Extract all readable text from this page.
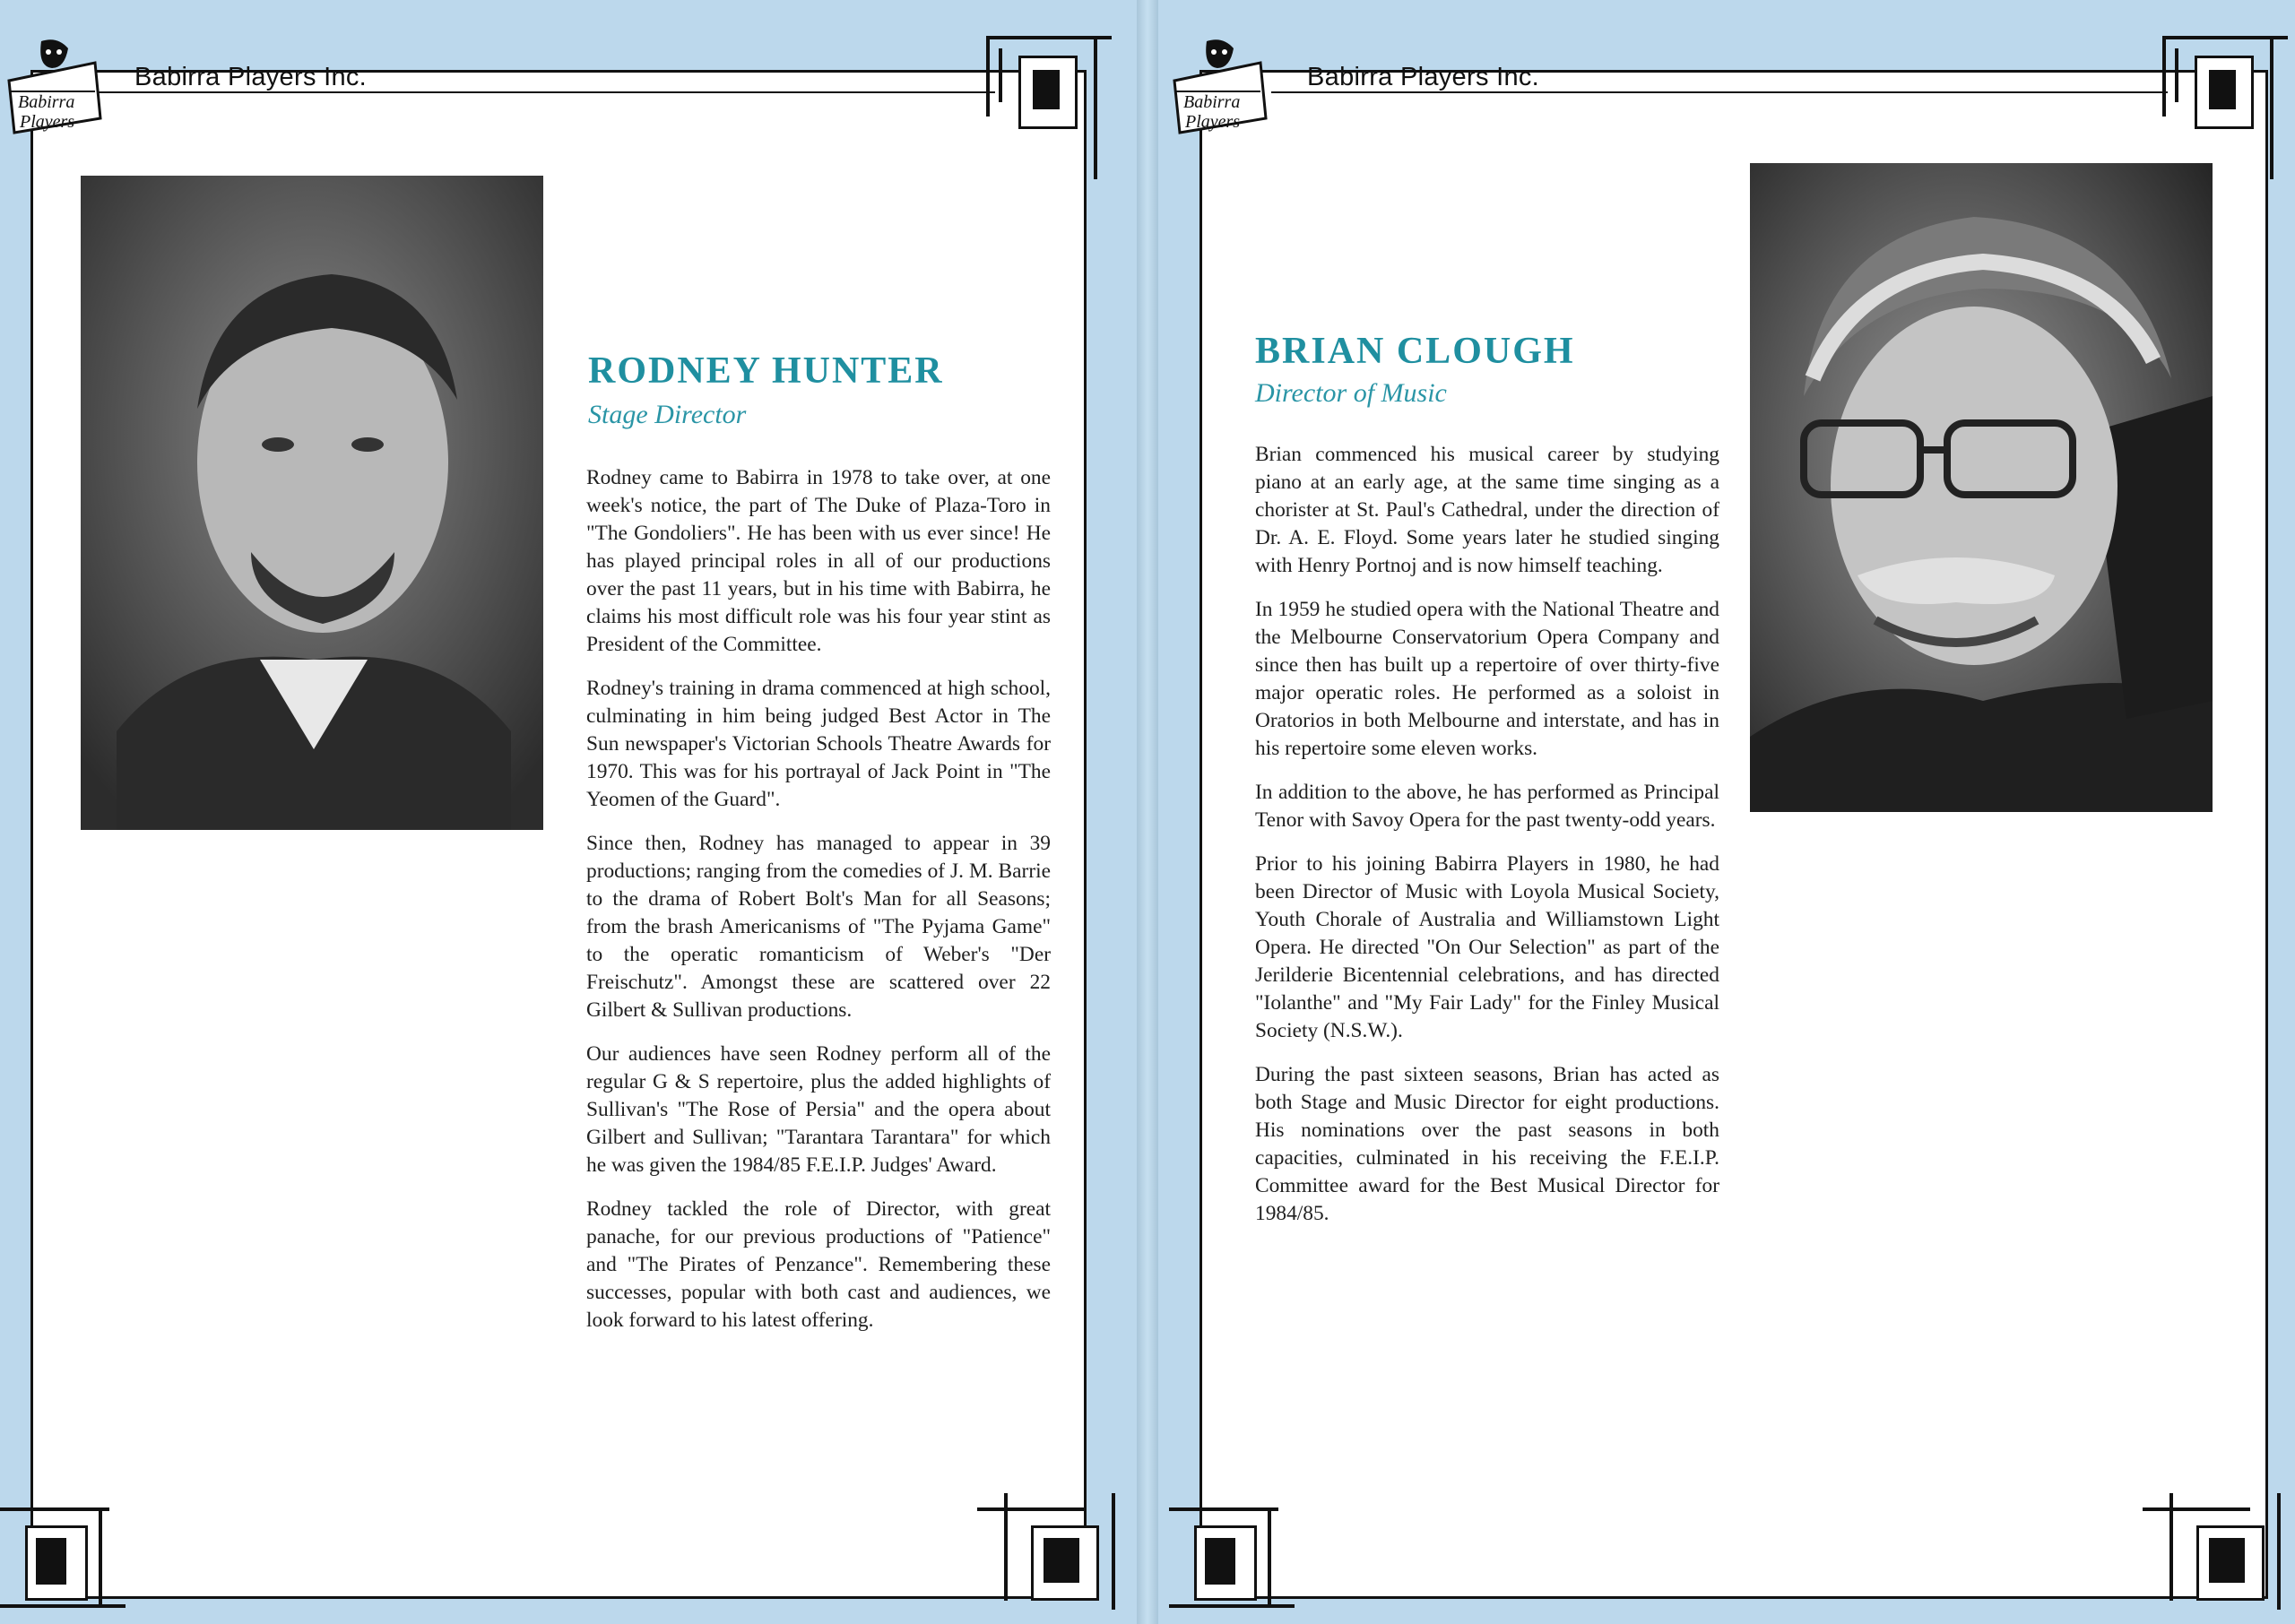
Babirra
Players
Babirra Players Inc.
RODNEY HUNTER
Stage Director

Rodney came to Babirra in 1978 to take over, at one week's notice, the part of The Duke of Plaza-Toro in "The Gondoliers". He has been with us ever since! He has played principal roles in all of our productions over the past 11 years, but in his time with Babirra, he claims his most difficult role was his four year stint as President of the Committee.

Rodney's training in drama commenced at high school, culminating in him being judged Best Actor in The Sun newspaper's Victorian Schools Theatre Awards for 1970. This was for his portrayal of Jack Point in "The Yeomen of the Guard".

Since then, Rodney has managed to appear in 39 productions; ranging from the comedies of J. M. Barrie to the drama of Robert Bolt's Man for all Seasons; from the brash Americanisms of "The Pyjama Game" to the operatic romanticism of Weber's "Der Freischutz". Amongst these are scattered over 22 Gilbert & Sullivan productions.

Our audiences have seen Rodney perform all of the regular G & S repertoire, plus the added highlights of Sullivan's "The Rose of Persia" and the opera about Gilbert and Sullivan; "Tarantara Tarantara" for which he was given the 1984/85 F.E.I.P. Judges' Award.

Rodney tackled the role of Director, with great panache, for our previous productions of "Patience" and "The Pirates of Penzance". Remembering these successes, popular with both cast and audiences, we look forward to his latest offering.

Babirra
Players
Babirra Players Inc.
BRIAN CLOUGH
Director of Music

Brian commenced his musical career by studying piano at an early age, at the same time singing as a chorister at St. Paul's Cathedral, under the direction of Dr. A. E. Floyd. Some years later he studied singing with Henry Portnoj and is now himself teaching.

In 1959 he studied opera with the National Theatre and the Melbourne Conservatorium Opera Company and since then has built up a repertoire of over thirty-five major operatic roles. He performed as a soloist in Oratorios in both Melbourne and interstate, and has in his repertoire some eleven works.

In addition to the above, he has performed as Principal Tenor with Savoy Opera for the past twenty-odd years.

Prior to his joining Babirra Players in 1980, he had been Director of Music with Loyola Musical Society, Youth Chorale of Australia and Williamstown Light Opera. He directed "On Our Selection" as part of the Jerilderie Bicentennial celebrations, and has directed "Iolanthe" and "My Fair Lady" for the Finley Musical Society (N.S.W.).

During the past sixteen seasons, Brian has acted as both Stage and Music Director for eight productions. His nominations over the past seasons in both capacities, culminated in his receiving the F.E.I.P. Committee award for the Best Musical Director for 1984/85.
